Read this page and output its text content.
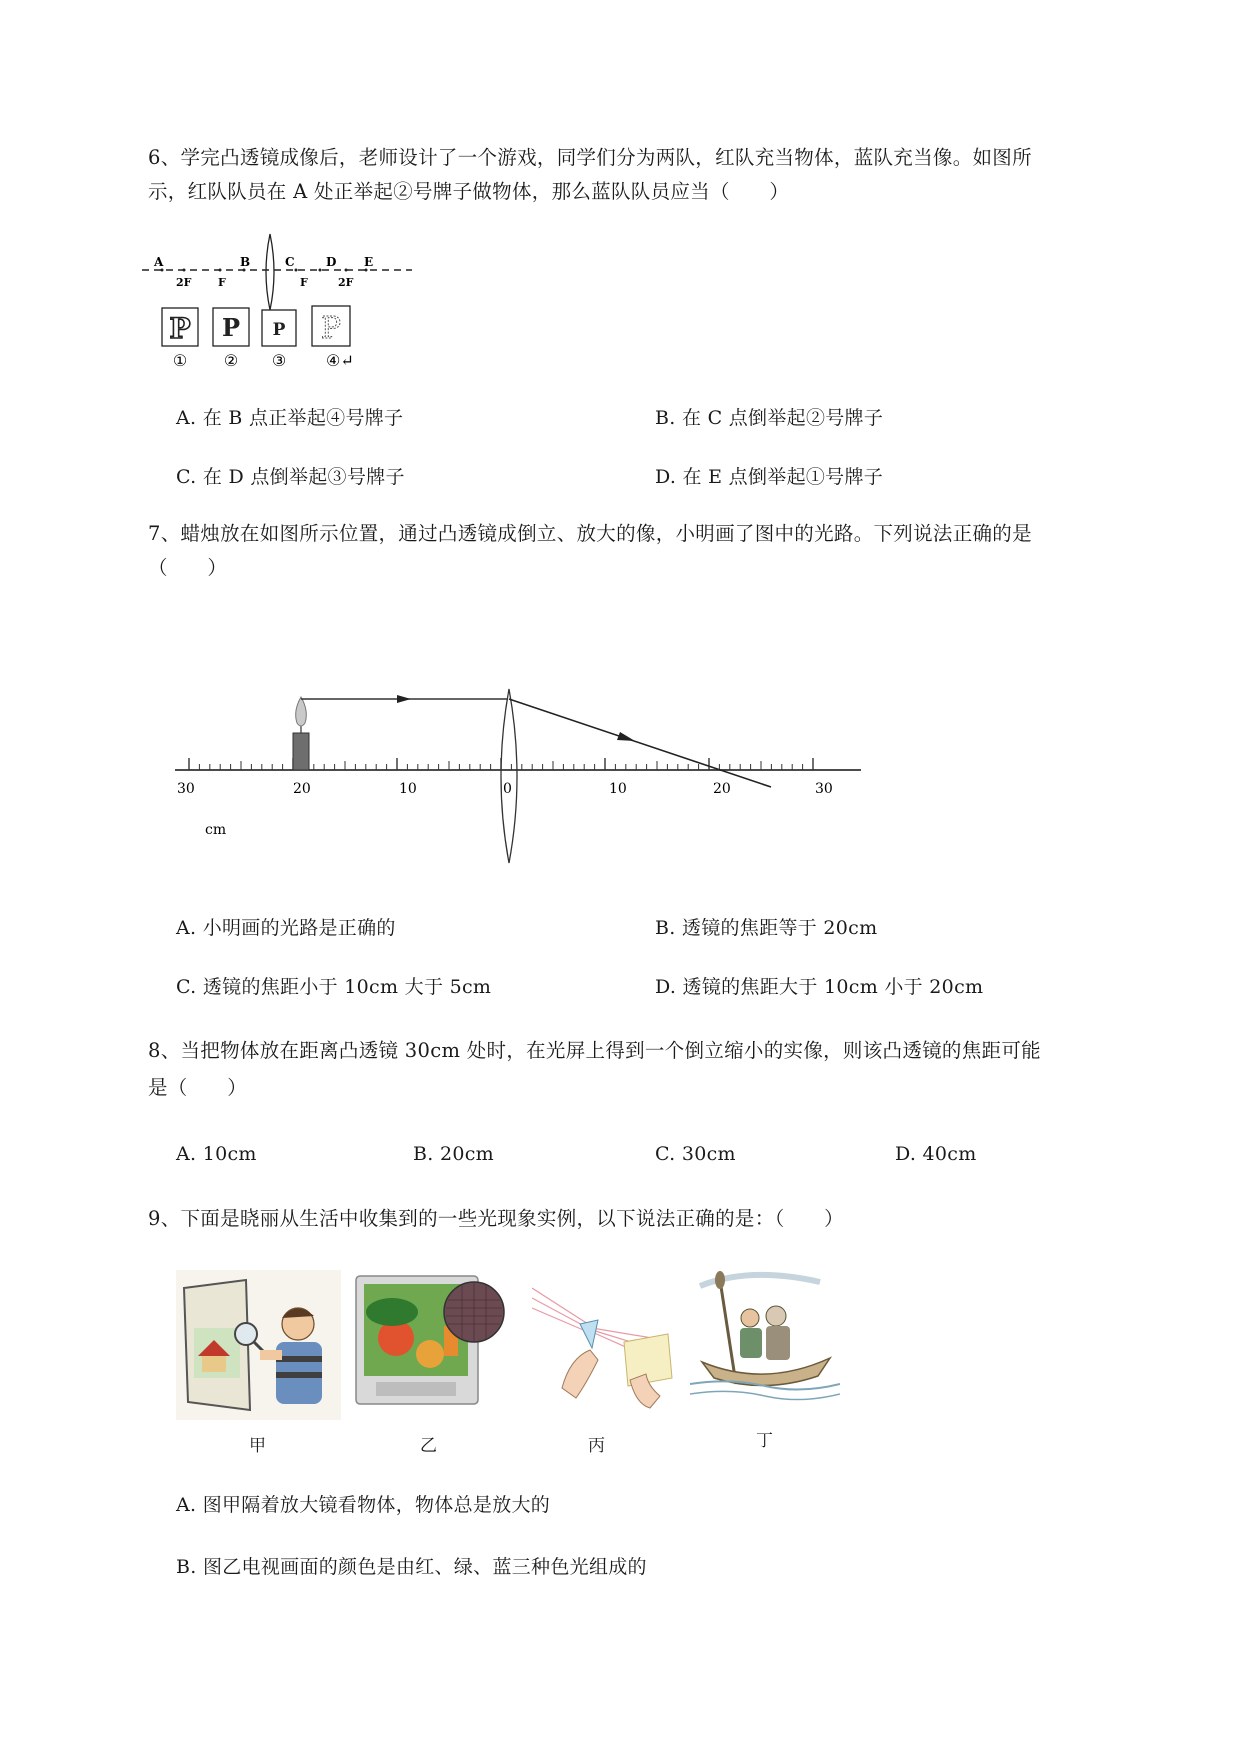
6、学完凸透镜成像后，老师设计了一个游戏，同学们分为两队，红队充当物体，蓝队充当像。如图所
示，红队队员在 A 处正举起②号牌子做物体，那么蓝队队员应当（　　）
A	B	C	D E
2F F	F	2F
P P P P
① ② ③ ④↵
A. 在 B 点正举起④号牌子	B. 在 C 点倒举起②号牌子
C. 在 D 点倒举起③号牌子	D. 在 E 点倒举起①号牌子
7、蜡烛放在如图所示位置，通过凸透镜成倒立、放大的像，小明画了图中的光路。下列说法正确的是
（　　）
30	20	10	0	10	20	30
cm
A. 小明画的光路是正确的	B. 透镜的焦距等于 20cm
C. 透镜的焦距小于 10cm 大于 5cm	D. 透镜的焦距大于 10cm 小于 20cm
8、当把物体放在距离凸透镜 30cm 处时，在光屏上得到一个倒立缩小的实像，则该凸透镜的焦距可能
是（　　）
A. 10cm	B. 20cm	C. 30cm	D. 40cm
9、下面是晓丽从生活中收集到的一些光现象实例，以下说法正确的是：（　　）
甲	乙	丙	丁
A. 图甲隔着放大镜看物体，物体总是放大的
B. 图乙电视画面的颜色是由红、绿、蓝三种色光组成的
